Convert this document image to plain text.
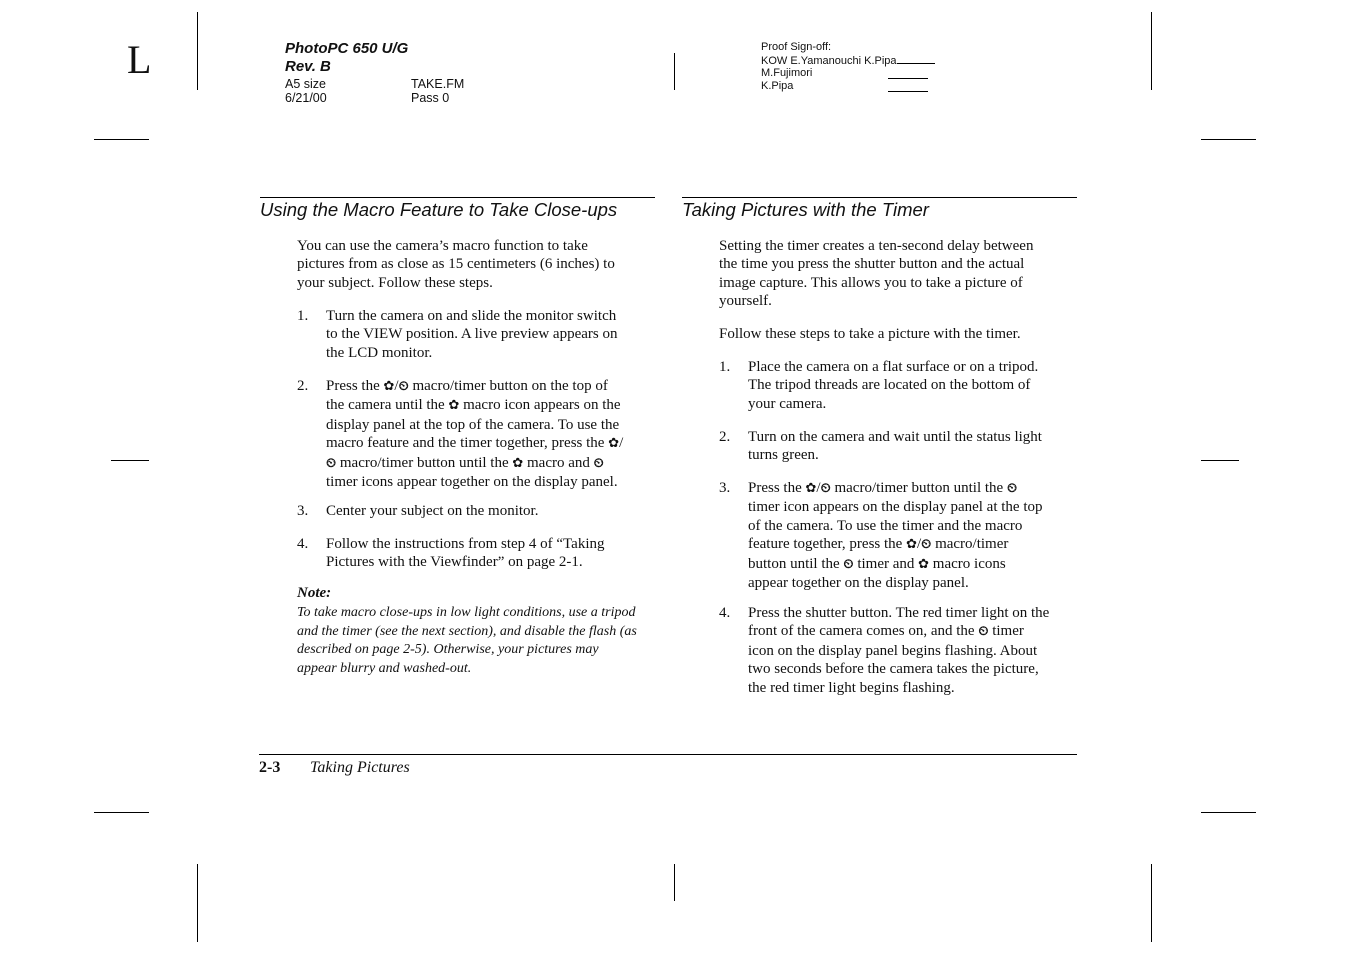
L	PhotoPC 650 U/G
Rev. B
A5 size
6/21/00
TAKE.FM
Pass 0
Proof Sign-off:
KOW E.Yamanouchi K.Pipa
M.Fujimori
K.Pipa
Using the Macro Feature to Take Close-ups
You can use the camera’s macro function to take
pictures from as close as 15 centimeters (6 inches) to
your subject. Follow these steps.
1. Turn the camera on and slide the monitor switch
to the VIEW position. A live preview appears on
the LCD monitor.
2. Press the ✿/⏲ macro/timer button on the top of
the camera until the ✿ macro icon appears on the
display panel at the top of the camera. To use the
macro feature and the timer together, press the ✿/
⏲ macro/timer button until the ✿ macro and ⏲
timer icons appear together on the display panel.
3. Center your subject on the monitor.
4. Follow the instructions from step 4 of “Taking
Pictures with the Viewfinder” on page 2-1.
Note:
To take macro close-ups in low light conditions, use a tripod
and the timer (see the next section), and disable the flash (as
described on page 2-5). Otherwise, your pictures may
appear blurry and washed-out.
Taking Pictures with the Timer
Setting the timer creates a ten-second delay between
the time you press the shutter button and the actual
image capture. This allows you to take a picture of
yourself.
Follow these steps to take a picture with the timer.
1. Place the camera on a flat surface or on a tripod.
The tripod threads are located on the bottom of
your camera.
2. Turn on the camera and wait until the status light
turns green.
3. Press the ✿/⏲ macro/timer button until the ⏲
timer icon appears on the display panel at the top
of the camera. To use the timer and the macro
feature together, press the ✿/⏲ macro/timer
button until the ⏲ timer and ✿ macro icons
appear together on the display panel.
4. Press the shutter button. The red timer light on the
front of the camera comes on, and the ⏲ timer
icon on the display panel begins flashing. About
two seconds before the camera takes the picture,
the red timer light begins flashing.
2-3 Taking Pictures
